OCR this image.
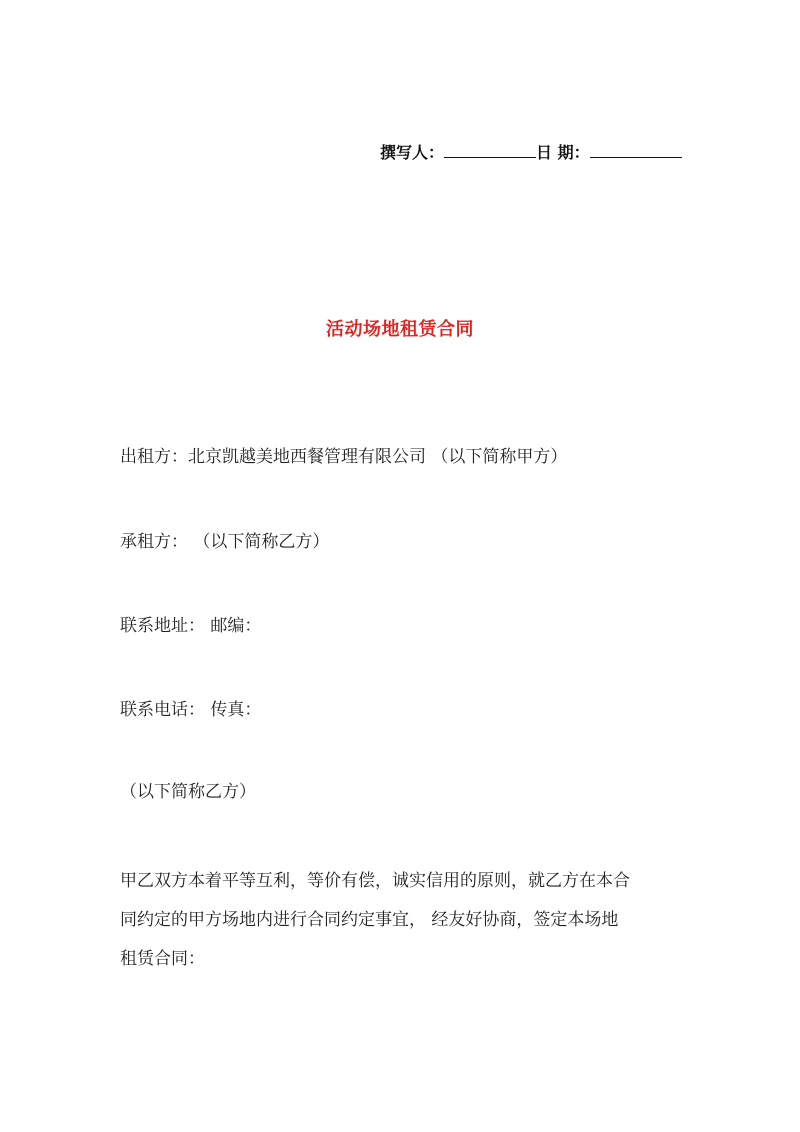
撰写人：	日 期：
活动场地租赁合同
出租方：北京凯越美地西餐管理有限公司 （以下简称甲方）
承租方： （以下简称乙方）
联系地址： 邮编：
联系电话： 传真：
（以下简称乙方）
甲乙双方本着平等互利，等价有偿，诚实信用的原则，就乙方在本合
同约定的甲方场地内进行合同约定事宜， 经友好协商，签定本场地
租赁合同：
